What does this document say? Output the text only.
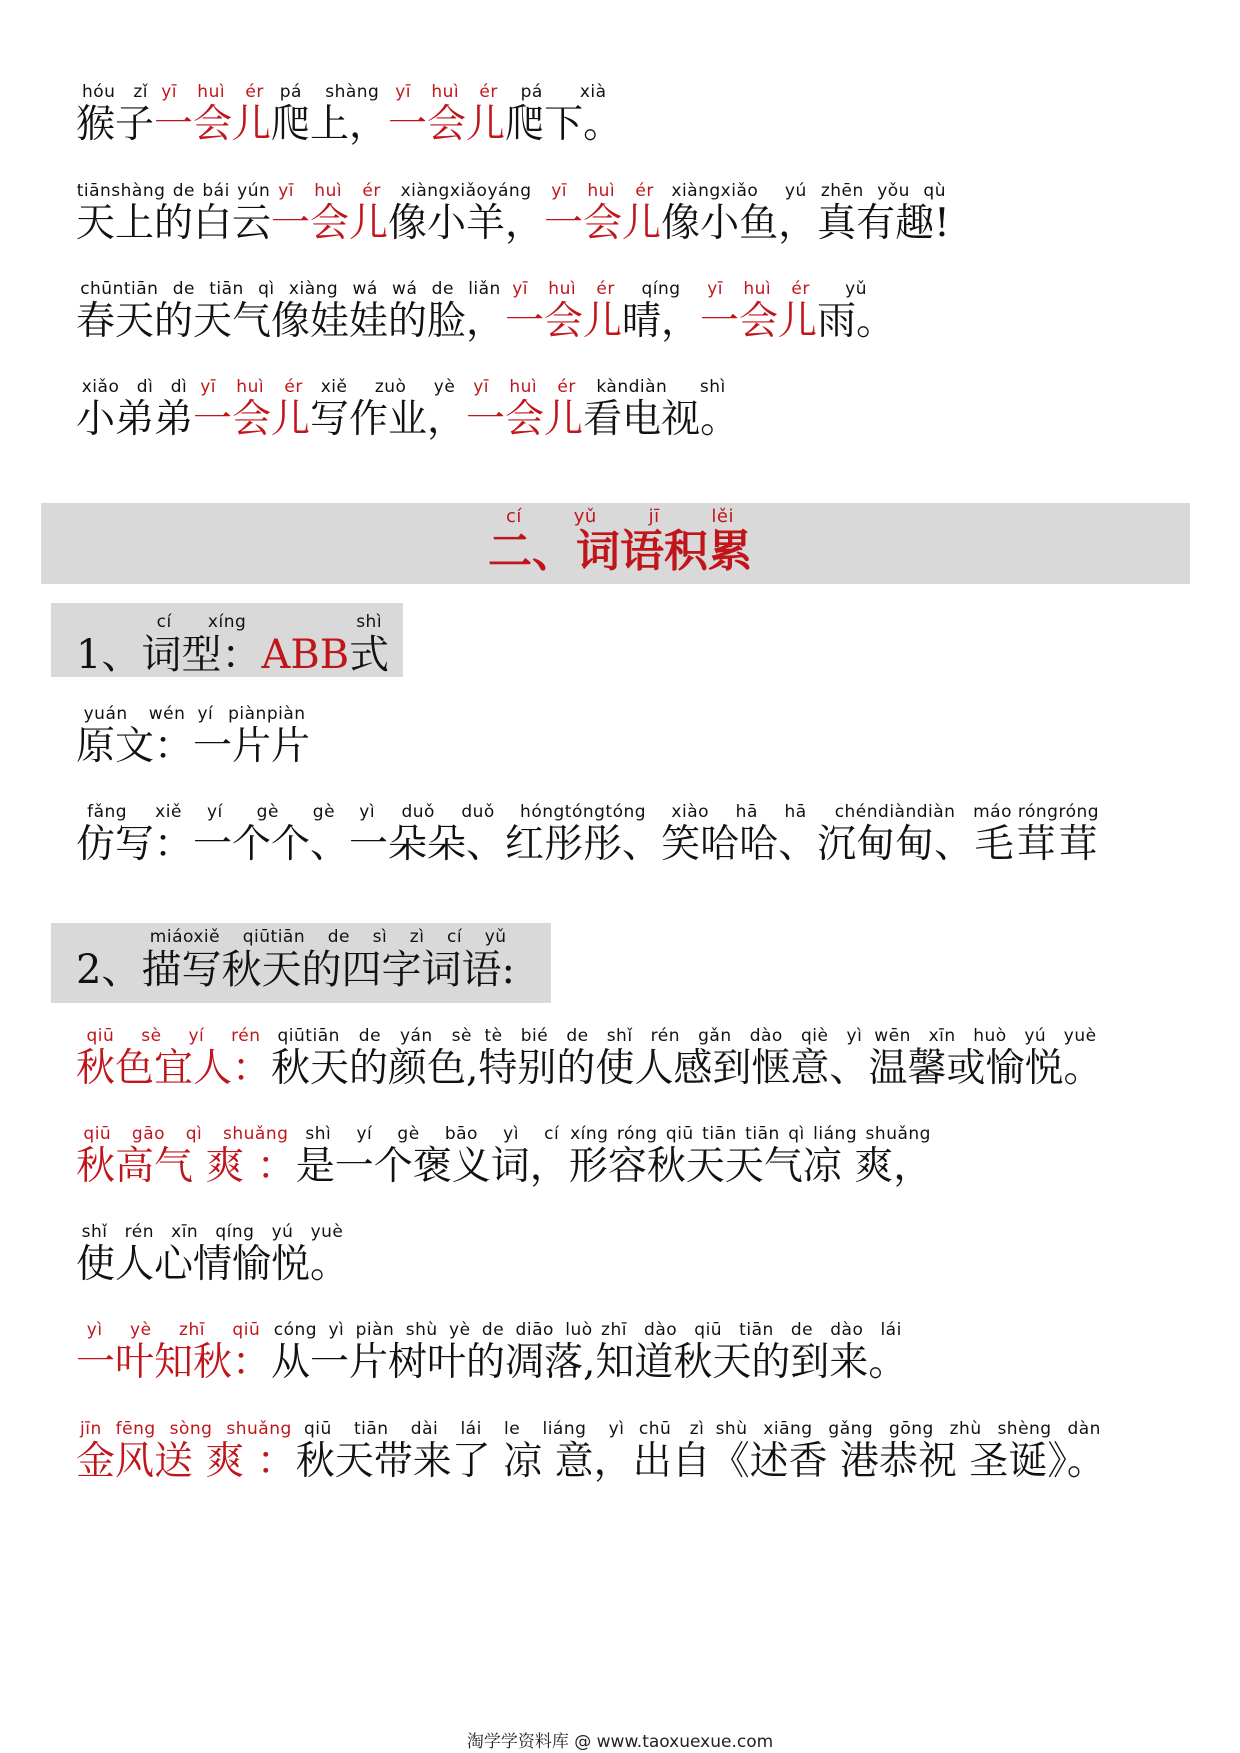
猴子hóu zǐ一会儿yī huì ér爬上，pá shàng一会儿yī huì ér爬下。pá xià
天上的白云tiānshàng de bái yún一会儿yī huì ér像小羊，xiàngxiǎoyáng一会儿yī huì ér像小鱼，xiàngxiǎo yú真有趣!zhēn yǒu qù
春天的天气像娃娃的脸，chūntiān de tiān qì xiàng wá wá de liǎn一会儿yī huì ér晴，qíng一会儿yī huì ér雨。yǔ
小弟弟xiǎo dì dì一会儿yī huì ér写作业，xiě zuò yè一会儿yī huì ér看电视。kàndiàn shì
二、词语积累cí yǔ jī lěi
1、词型：cí xíngABB式shì
原文：yuán wén一片片yí piànpiàn
仿写：fǎng xiě一个个、yí gè gè一朵朵、yì duǒ duǒ红彤彤、hóngtóngtóng笑哈哈、xiào hā hā沉甸甸、chéndiàndiàn毛茸茸máo róngróng
2、描写秋天的四字词语:miáoxiě qiūtiān de sì zì cí yǔ
秋色宜人：qiū sè yí rén秋天的颜色,qiūtiān de yán sè特别的使人感到惬意、tè bié de shǐ rén gǎn dào qiè yì温馨或愉悦。wēn xīn huò yú yuè
秋高气 爽 ：qiū gāo qì shuǎng是一个褒义词，shì yí gè bāo yì cí形容秋天天气凉 爽，xíng róng qiū tiān tiān qì liáng shuǎng
使人心情愉悦。shǐ rén xīn qíng yú yuè
一叶知秋：yì yè zhī qiū从一片树叶的凋落,cóng yì piàn shù yè de diāo luò知道秋天的到来。zhī dào qiū tiān de dào lái
金风送 爽 ：jīn fēng sòng shuǎng秋天带来了 凉 意，qiū tiān dài lái le liáng yì出自chū zì《述香 港恭祝 圣诞》。shù xiāng gǎng gōng zhù shèng dàn
淘学学资料库 @ www.taoxuexue.com
